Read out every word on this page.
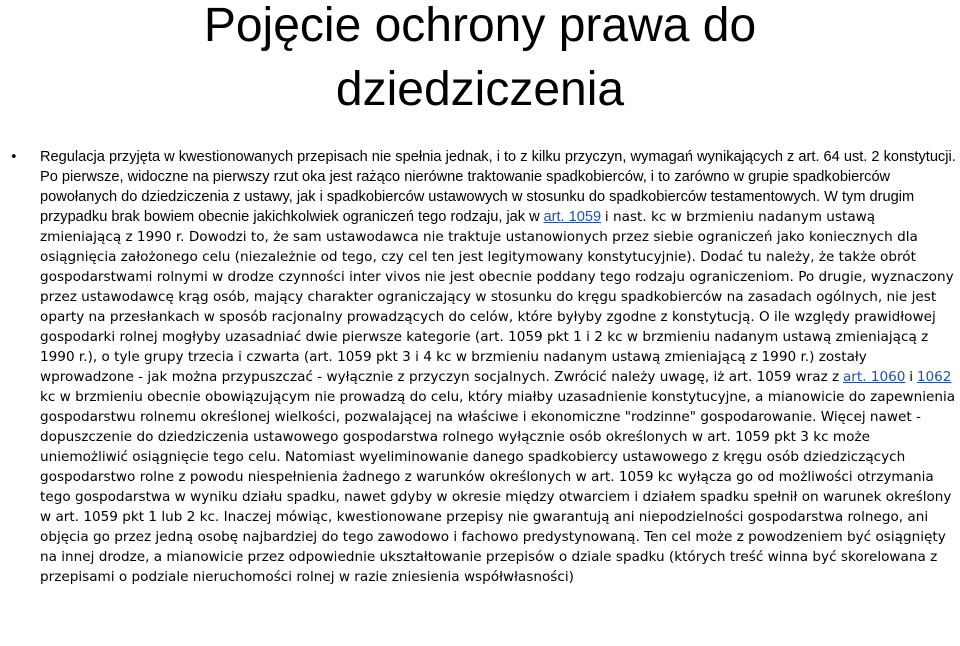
Pojęcie ochrony prawa do
dziedziczenia
• Regulacja przyjęta w kwestionowanych przepisach nie spełnia jednak, i to z kilku przyczyn, wymagań wynikających z art. 64 ust. 2 konstytucji. Po pierwsze, widoczne na pierwszy rzut oka jest rażąco nierówne traktowanie spadkobierców, i to zarówno w grupie spadkobierców powołanych do dziedziczenia z ustawy, jak i spadkobierców ustawowych w stosunku do spadkobierców testamentowych. W tym drugim przypadku brak bowiem obecnie jakichkolwiek ograniczeń tego rodzaju, jak w art. 1059 i nast. kc w brzmieniu nadanym ustawą zmieniającą z 1990 r. Dowodzi to, że sam ustawodawca nie traktuje ustanowionych przez siebie ograniczeń jako koniecznych dla osiągnięcia założonego celu (niezależnie od tego, czy cel ten jest legitymowany konstytucyjnie). Dodać tu należy, że także obrót gospodarstwami rolnymi w drodze czynności inter vivos nie jest obecnie poddany tego rodzaju ograniczeniom. Po drugie, wyznaczony przez ustawodawcę krąg osób, mający charakter ograniczający w stosunku do kręgu spadkobierców na zasadach ogólnych, nie jest oparty na przesłankach w sposób racjonalny prowadzących do celów, które byłyby zgodne z konstytucją. O ile względy prawidłowej gospodarki rolnej mogłyby uzasadniać dwie pierwsze kategorie (art. 1059 pkt 1 i 2 kc w brzmieniu nadanym ustawą zmieniającą z 1990 r.), o tyle grupy trzecia i czwarta (art. 1059 pkt 3 i 4 kc w brzmieniu nadanym ustawą zmieniającą z 1990 r.) zostały wprowadzone - jak można przypuszczać - wyłącznie z przyczyn socjalnych. Zwrócić należy uwagę, iż art. 1059 wraz z art. 1060 i 1062 kc w brzmieniu obecnie obowiązującym nie prowadzą do celu, który miałby uzasadnienie konstytucyjne, a mianowicie do zapewnienia gospodarstwu rolnemu określonej wielkości, pozwalającej na właściwe i ekonomiczne "rodzinne" gospodarowanie. Więcej nawet - dopuszczenie do dziedziczenia ustawowego gospodarstwa rolnego wyłącznie osób określonych w art. 1059 pkt 3 kc może uniemożliwić osiągnięcie tego celu. Natomiast wyeliminowanie danego spadkobiercy ustawowego z kręgu osób dziedziczących gospodarstwo rolne z powodu niespełnienia żadnego z warunków określonych w art. 1059 kc wyłącza go od możliwości otrzymania tego gospodarstwa w wyniku działu spadku, nawet gdyby w okresie między otwarciem i działem spadku spełnił on warunek określony w art. 1059 pkt 1 lub 2 kc. Inaczej mówiąc, kwestionowane przepisy nie gwarantują ani niepodzielności gospodarstwa rolnego, ani objęcia go przez jedną osobę najbardziej do tego zawodowo i fachowo predystynowaną. Ten cel może z powodzeniem być osiągnięty na innej drodze, a mianowicie przez odpowiednie ukształtowanie przepisów o dziale spadku (których treść winna być skorelowana z przepisami o podziale nieruchomości rolnej w razie zniesienia współwłasności)
